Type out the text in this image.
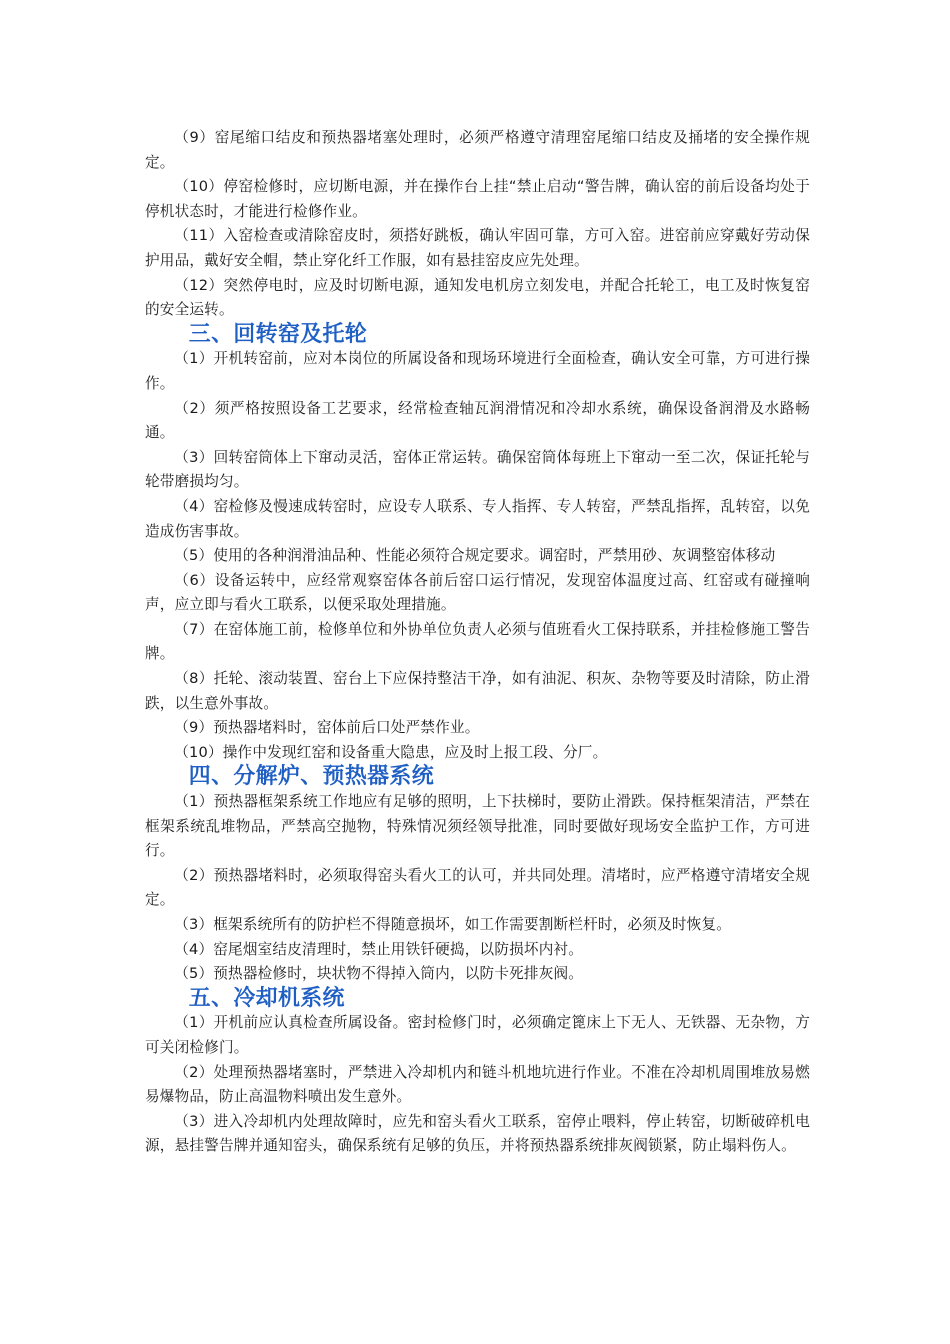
（9）窑尾缩口结皮和预热器堵塞处理时，必须严格遵守清理窑尾缩口结皮及捅堵的安全操作规定。

（10）停窑检修时，应切断电源，并在操作台上挂“禁止启动“警告牌，确认窑的前后设备均处于停机状态时，才能进行检修作业。

（11）入窑检查或清除窑皮时，须搭好跳板，确认牢固可靠，方可入窑。进窑前应穿戴好劳动保护用品，戴好安全帽，禁止穿化纤工作服，如有悬挂窑皮应先处理。

（12）突然停电时，应及时切断电源，通知发电机房立刻发电，并配合托轮工，电工及时恢复窑的安全运转。

三、回转窑及托轮

（1）开机转窑前，应对本岗位的所属设备和现场环境进行全面检查，确认安全可靠，方可进行操作。

（2）须严格按照设备工艺要求，经常检查轴瓦润滑情况和冷却水系统，确保设备润滑及水路畅通。

（3）回转窑筒体上下窜动灵活，窑体正常运转。确保窑筒体每班上下窜动一至二次，保证托轮与轮带磨损均匀。

（4）窑检修及慢速成转窑时，应设专人联系、专人指挥、专人转窑，严禁乱指挥，乱转窑，以免造成伤害事故。

（5）使用的各种润滑油品种、性能必须符合规定要求。调窑时，严禁用砂、灰调整窑体移动

（6）设备运转中，应经常观察窑体各前后窑口运行情况，发现窑体温度过高、红窑或有碰撞响声，应立即与看火工联系，以便采取处理措施。

（7）在窑体施工前，检修单位和外协单位负责人必须与值班看火工保持联系，并挂检修施工警告牌。

（8）托轮、滚动装置、窑台上下应保持整洁干净，如有油泥、积灰、杂物等要及时清除，防止滑跌，以生意外事故。

（9）预热器堵料时，窑体前后口处严禁作业。

（10）操作中发现红窑和设备重大隐患，应及时上报工段、分厂。

四、分解炉、预热器系统

（1）预热器框架系统工作地应有足够的照明，上下扶梯时，要防止滑跌。保持框架清洁，严禁在框架系统乱堆物品，严禁高空抛物，特殊情况须经领导批准，同时要做好现场安全监护工作，方可进行。

（2）预热器堵料时，必须取得窑头看火工的认可，并共同处理。清堵时，应严格遵守清堵安全规定。

（3）框架系统所有的防护栏不得随意损坏，如工作需要割断栏杆时，必须及时恢复。

（4）窑尾烟室结皮清理时，禁止用铁钎硬捣，以防损坏内衬。

（5）预热器检修时，块状物不得掉入筒内，以防卡死排灰阀。

五、冷却机系统

（1）开机前应认真检查所属设备。密封检修门时，必须确定篦床上下无人、无铁器、无杂物，方可关闭检修门。

（2）处理预热器堵塞时，严禁进入冷却机内和链斗机地坑进行作业。不准在冷却机周围堆放易燃易爆物品，防止高温物料喷出发生意外。

（3）进入冷却机内处理故障时，应先和窑头看火工联系，窑停止喂料，停止转窑，切断破碎机电源，悬挂警告牌并通知窑头，确保系统有足够的负压，并将预热器系统排灰阀锁紧，防止塌料伤人。
